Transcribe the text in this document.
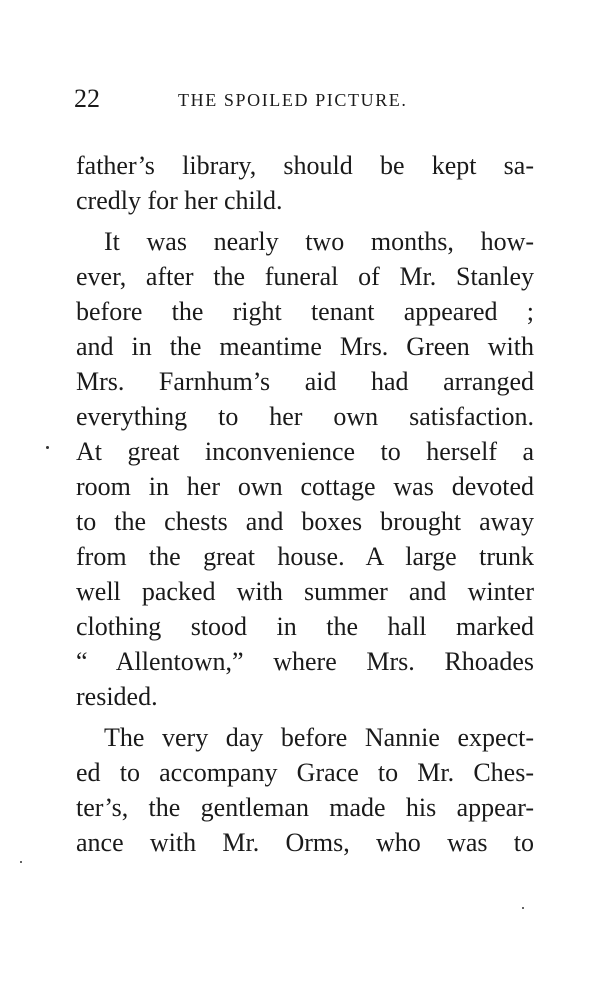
22	THE SPOILED PICTURE.
father’s library, should be kept sa-
credly for her child.
It was nearly two months, how-
ever, after the funeral of Mr. Stanley
before the right tenant appeared ;
and in the meantime Mrs. Green with
Mrs. Farnhum’s aid had arranged
everything to her own satisfaction.
At great inconvenience to herself a
room in her own cottage was devoted
to the chests and boxes brought away
from the great house. A large trunk
well packed with summer and winter
clothing stood in the hall marked
“ Allentown,” where Mrs. Rhoades
resided.
The very day before Nannie expect-
ed to accompany Grace to Mr. Ches-
ter’s, the gentleman made his appear-
ance with Mr. Orms, who was to
